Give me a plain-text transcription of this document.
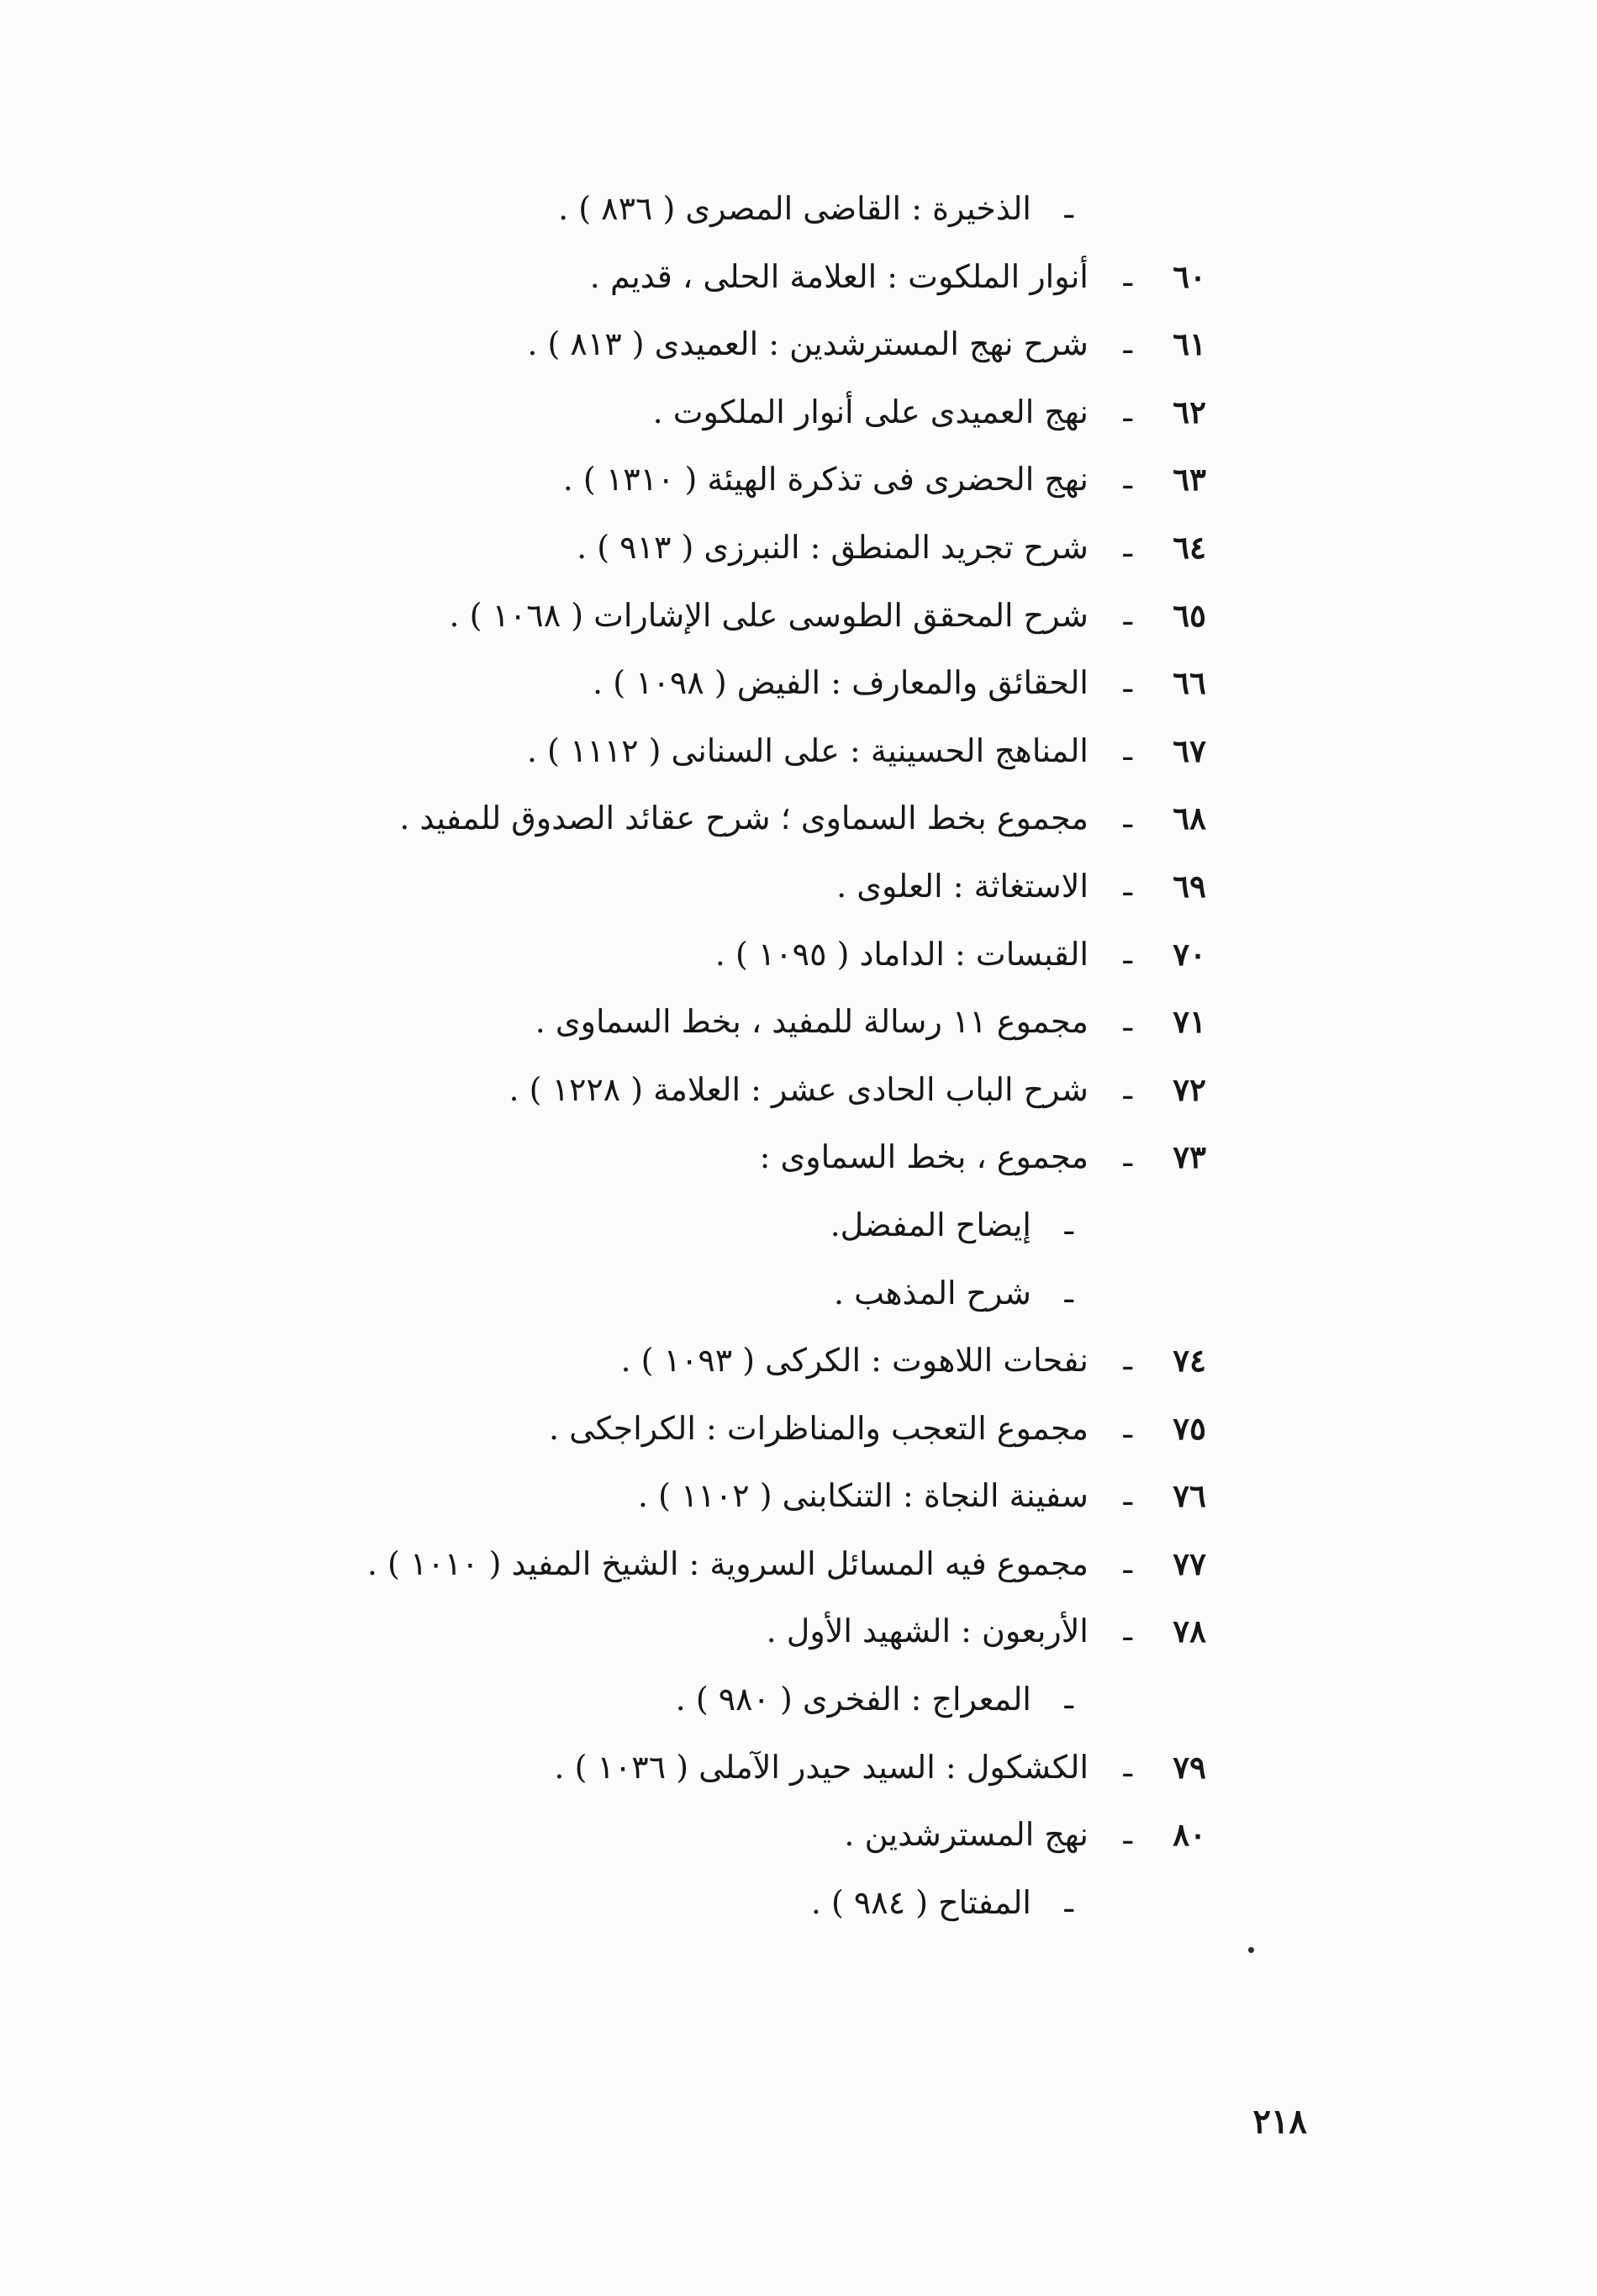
ـ
الذخيرة : القاضى المصرى ( ٨٣٦ ) .
٦٠
ـ
أنوار الملكوت : العلامة الحلى ، قديم .
٦١
ـ
شرح نهج المسترشدين : العميدى ( ٨١٣ ) .
٦٢
ـ
نهج العميدى على أنوار الملكوت .
٦٣
ـ
نهج الحضرى فى تذكرة الهيئة ( ١٣١٠ ) .
٦٤
ـ
شرح تجريد المنطق : النبرزى ( ٩١٣ ) .
٦٥
ـ
شرح المحقق الطوسى على الإشارات ( ١٠٦٨ ) .
٦٦
ـ
الحقائق والمعارف : الفيض ( ١٠٩٨ ) .
٦٧
ـ
المناهج الحسينية : على السنانى ( ١١١٢ ) .
٦٨
ـ
مجموع بخط السماوى ؛ شرح عقائد الصدوق للمفيد .
٦٩
ـ
الاستغاثة : العلوى .
٧٠
ـ
القبسات : الداماد ( ١٠٩٥ ) .
٧١
ـ
مجموع ١١ رسالة للمفيد ، بخط السماوى .
٧٢
ـ
شرح الباب الحادى عشر : العلامة ( ١٢٢٨ ) .
٧٣
ـ
مجموع ، بخط السماوى :
ـ
إيضاح المفضل.
ـ
شرح المذهب .
٧٤
ـ
نفحات اللاهوت : الكركى ( ١٠٩٣ ) .
٧٥
ـ
مجموع التعجب والمناظرات : الكراجكى .
٧٦
ـ
سفينة النجاة : التنكابنى ( ١١٠٢ ) .
٧٧
ـ
مجموع فيه المسائل السروية : الشيخ المفيد ( ١٠١٠ ) .
٧٨
ـ
الأربعون : الشهيد الأول .
ـ
المعراج : الفخرى ( ٩٨٠ ) .
٧٩
ـ
الكشكول : السيد حيدر الآملى ( ١٠٣٦ ) .
٨٠
ـ
نهج المسترشدين .
ـ
المفتاح ( ٩٨٤ ) .
٢١٨
